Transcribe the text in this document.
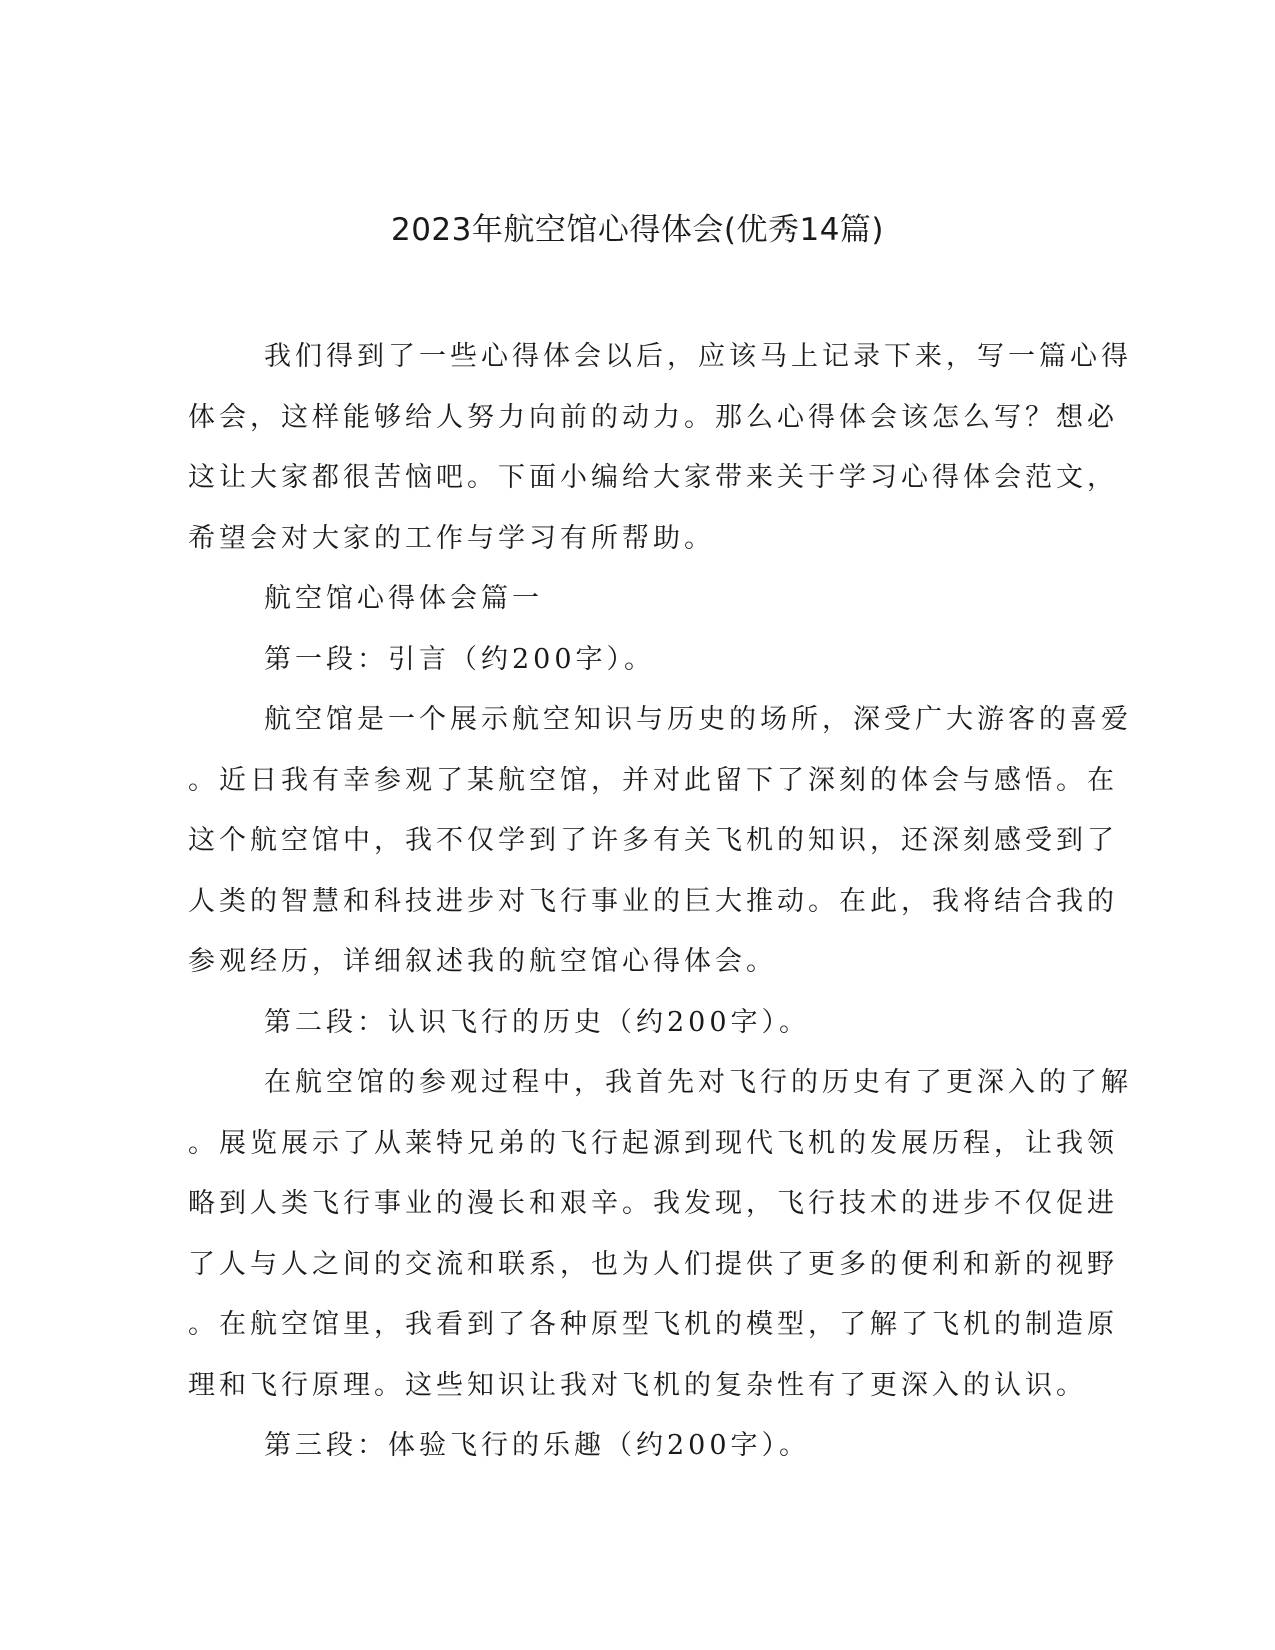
2023年航空馆心得体会(优秀14篇)
我们得到了一些心得体会以后，应该马上记录下来，写一篇心得
体会，这样能够给人努力向前的动力。那么心得体会该怎么写？想必
这让大家都很苦恼吧。下面小编给大家带来关于学习心得体会范文，
希望会对大家的工作与学习有所帮助。
航空馆心得体会篇一
第一段：引言（约200字）。
航空馆是一个展示航空知识与历史的场所，深受广大游客的喜爱
。近日我有幸参观了某航空馆，并对此留下了深刻的体会与感悟。在
这个航空馆中，我不仅学到了许多有关飞机的知识，还深刻感受到了
人类的智慧和科技进步对飞行事业的巨大推动。在此，我将结合我的
参观经历，详细叙述我的航空馆心得体会。
第二段：认识飞行的历史（约200字）。
在航空馆的参观过程中，我首先对飞行的历史有了更深入的了解
。展览展示了从莱特兄弟的飞行起源到现代飞机的发展历程，让我领
略到人类飞行事业的漫长和艰辛。我发现，飞行技术的进步不仅促进
了人与人之间的交流和联系，也为人们提供了更多的便利和新的视野
。在航空馆里，我看到了各种原型飞机的模型，了解了飞机的制造原
理和飞行原理。这些知识让我对飞机的复杂性有了更深入的认识。
第三段：体验飞行的乐趣（约200字）。
